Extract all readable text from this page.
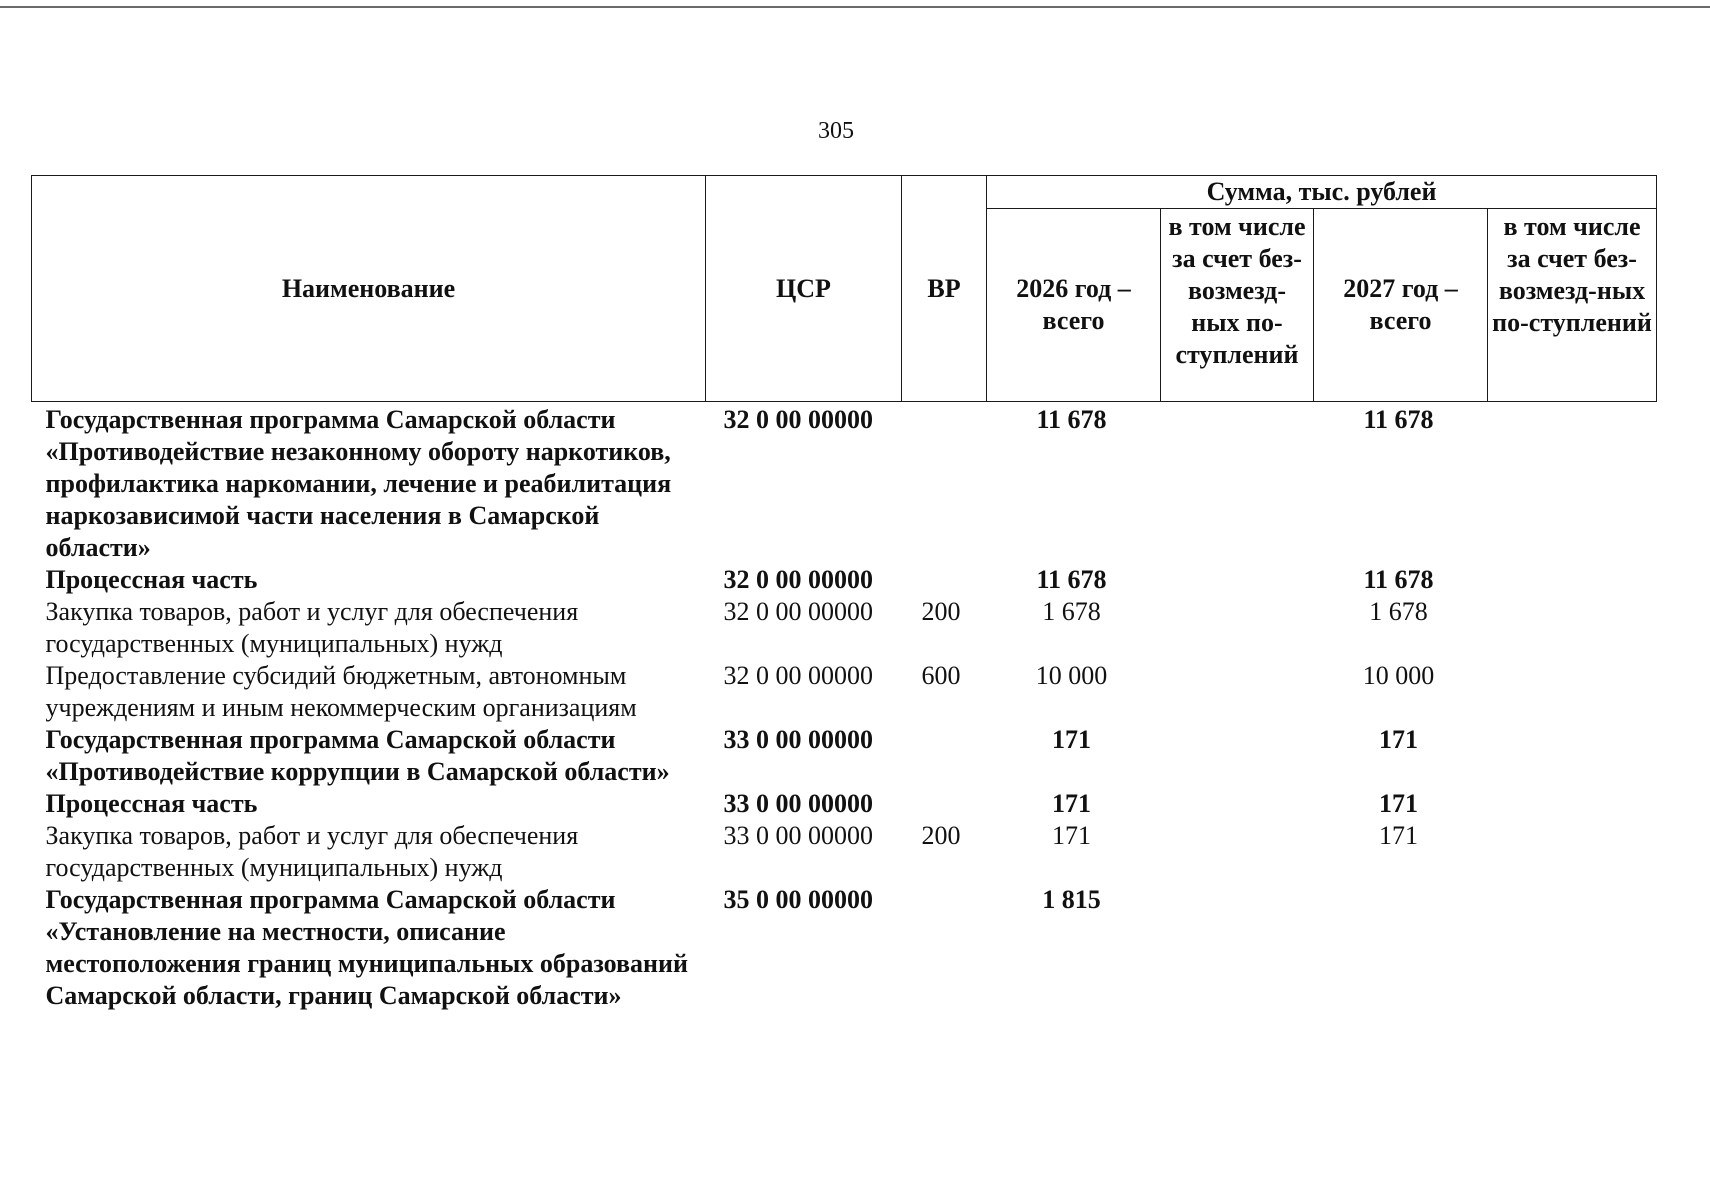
305
Наименование	ЦСР	ВР	Сумма, тыс. рублей			
			2026 год – всего	в том числе за счет без-возмезд-ных по-ступлений	2027 год – всего	в том числе за счет без-возмезд-ных по-ступлений
Государственная программа Самарской области «Противодействие незаконному обороту наркотиков, профилактика наркомании, лечение и реабилитация наркозависимой части населения в Самарской области»	32 0 00 00000		11 678		11 678	
Процессная часть	32 0 00 00000		11 678		11 678	
Закупка товаров, работ и услуг для обеспечения государственных (муниципальных) нужд	32 0 00 00000	200	1 678		1 678	
Предоставление субсидий бюджетным, автономным учреждениям и иным некоммерческим организациям	32 0 00 00000	600	10 000		10 000	
Государственная программа Самарской области «Противодействие коррупции в Самарской области»	33 0 00 00000		171		171	
Процессная часть	33 0 00 00000		171		171	
Закупка товаров, работ и услуг для обеспечения государственных (муниципальных) нужд	33 0 00 00000	200	171		171	
Государственная программа Самарской области «Установление на местности, описание местоположения границ муниципальных образований Самарской области, границ Самарской области»	35 0 00 00000		1 815			
